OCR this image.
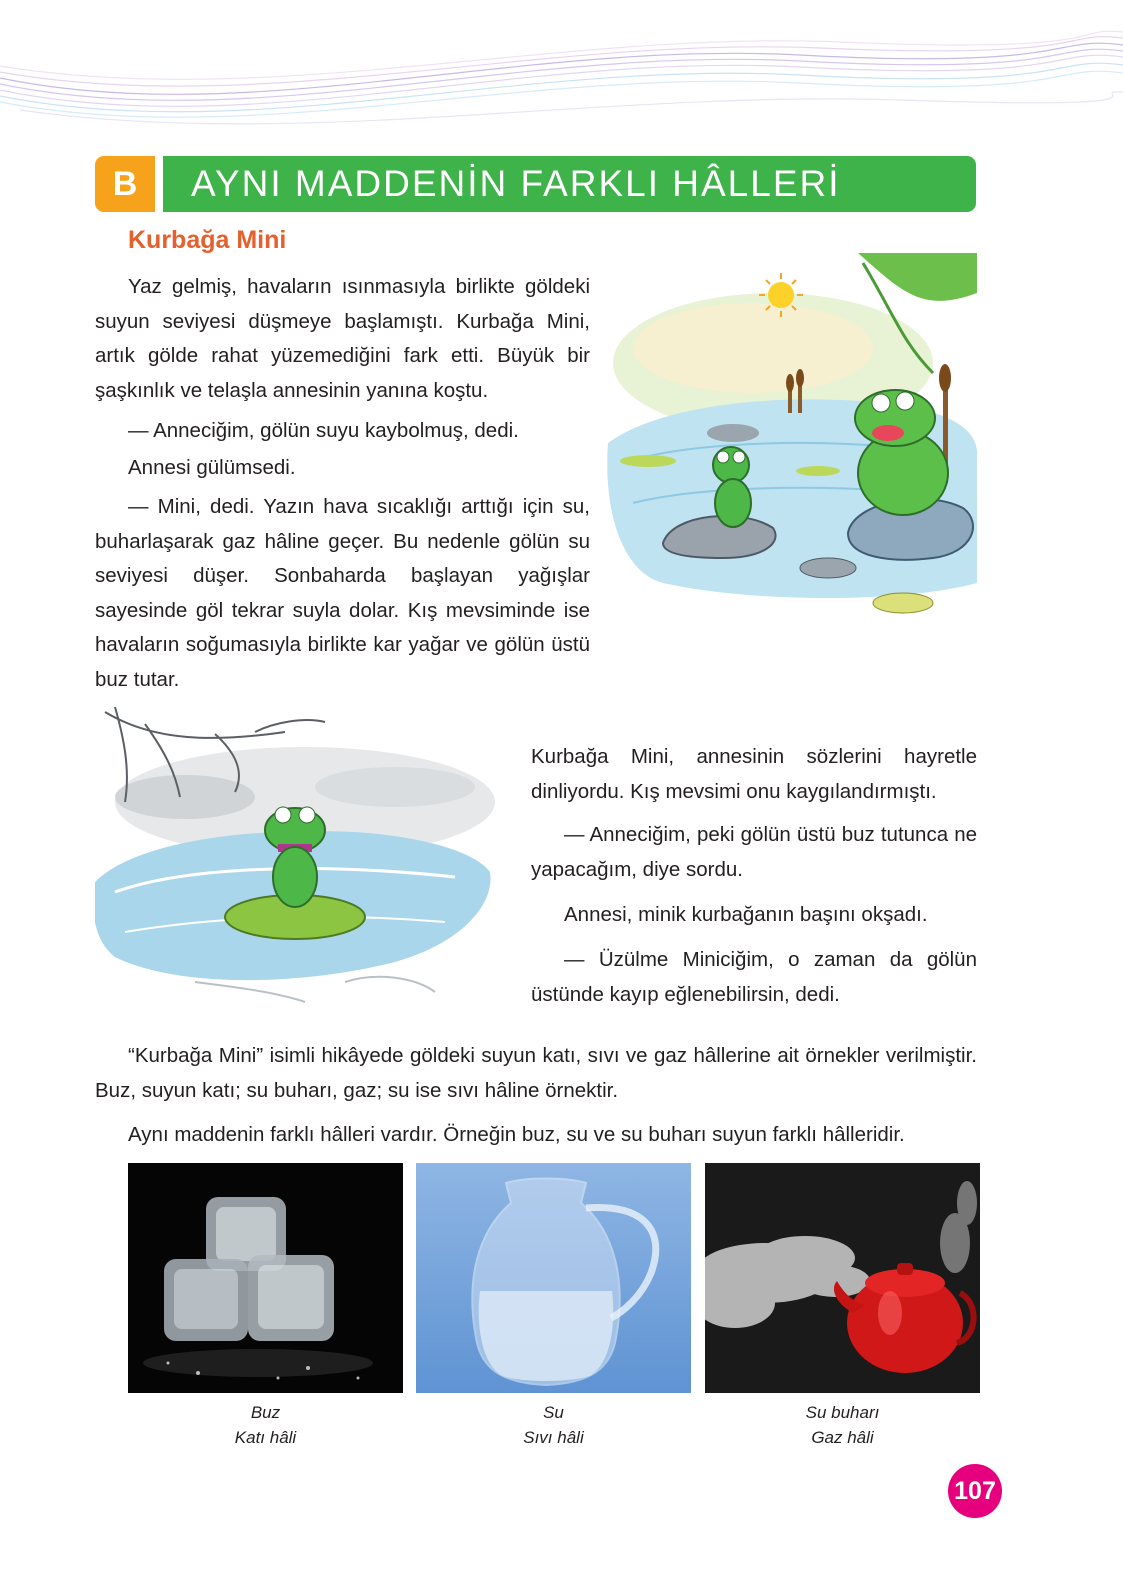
B	AYNI MADDENİN FARKLI HÂLLERİ
Kurbağa Mini

Yaz gelmiş, havaların ısınmasıyla birlikte göldeki suyun seviyesi düşmeye başlamıştı. Kurbağa Mini, artık gölde rahat yüzemediğini fark etti. Büyük bir şaşkınlık ve telaşla annesinin yanına koştu.

— Anneciğim, gölün suyu kaybolmuş, dedi.

Annesi gülümsedi.

— Mini, dedi. Yazın hava sıcaklığı arttığı için su, buharlaşarak gaz hâline geçer. Bu nedenle gölün su seviyesi düşer. Sonbaharda başlayan yağışlar sayesinde göl tekrar suyla dolar. Kış mevsiminde ise havaların soğumasıyla birlikte kar yağar ve gölün üstü buz tutar.

Kurbağa Mini, annesinin sözlerini hayretle dinliyordu. Kış mevsimi onu kaygılandırmıştı.

— Anneciğim, peki gölün üstü buz tutunca ne yapacağım, diye sordu.

Annesi, minik kurbağanın başını okşadı.

— Üzülme Miniciğim, o zaman da gölün üstünde kayıp eğlenebilirsin, dedi.

“Kurbağa Mini” isimli hikâyede göldeki suyun katı, sıvı ve gaz hâllerine ait örnekler verilmiştir. Buz, suyun katı; su buharı, gaz; su ise sıvı hâline örnektir.

Aynı maddenin farklı hâlleri vardır. Örneğin buz, su ve su buharı suyun farklı hâlleridir.

Buz
Katı hâli
Su
Sıvı hâli
Su buharı
Gaz hâli
107
